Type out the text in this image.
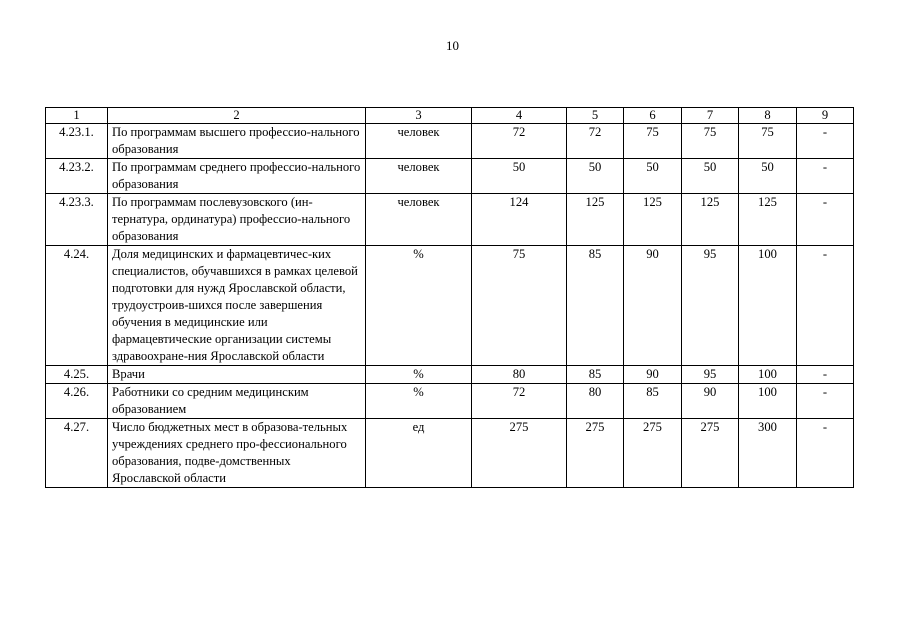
10
1	2	3	4	5	6	7	8	9
4.23.1.	По программам высшего профессио-нального образования	человек	72	72	75	75	75	-
4.23.2.	По программам среднего профессио-нального образования	человек	50	50	50	50	50	-
4.23.3.	По программам послевузовского (ин-тернатура, ординатура) профессио-нального образования	человек	124	125	125	125	125	-
4.24.	Доля медицинских и фармацевтичес-ких специалистов, обучавшихся в рамках целевой подготовки для нужд Ярославской области, трудоустроив-шихся после завершения обучения в медицинские или фармацевтические организации системы здравоохране-ния Ярославской области	%	75	85	90	95	100	-
4.25.	Врачи	%	80	85	90	95	100	-
4.26.	Работники со средним медицинским образованием	%	72	80	85	90	100	-
4.27.	Число бюджетных мест в образова-тельных учреждениях среднего про-фессионального образования, подве-домственных Ярославской области	ед	275	275	275	275	300	-
